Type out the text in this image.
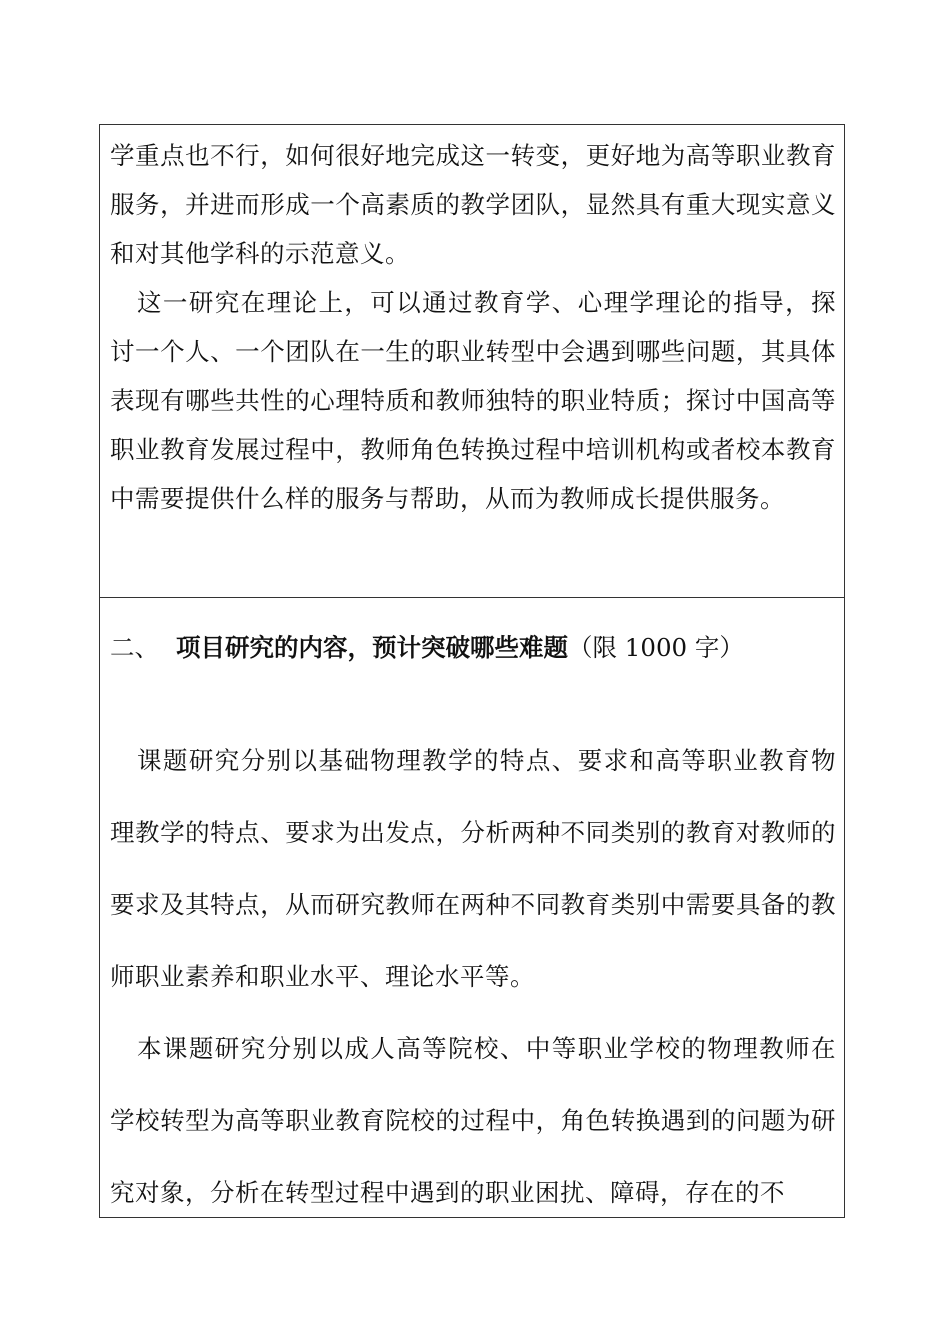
学重点也不行，如何很好地完成这一转变，更好地为高等职业教育服务，并进而形成一个高素质的教学团队，显然具有重大现实意义和对其他学科的示范意义。

这一研究在理论上，可以通过教育学、心理学理论的指导，探讨一个人、一个团队在一生的职业转型中会遇到哪些问题，其具体表现有哪些共性的心理特质和教师独特的职业特质；探讨中国高等职业教育发展过程中，教师角色转换过程中培训机构或者校本教育中需要提供什么样的服务与帮助，从而为教师成长提供服务。

二、 项目研究的内容，预计突破哪些难题（限 1000 字）

课题研究分别以基础物理教学的特点、要求和高等职业教育物理教学的特点、要求为出发点，分析两种不同类别的教育对教师的要求及其特点，从而研究教师在两种不同教育类别中需要具备的教师职业素养和职业水平、理论水平等。

本课题研究分别以成人高等院校、中等职业学校的物理教师在学校转型为高等职业教育院校的过程中，角色转换遇到的问题为研究对象，分析在转型过程中遇到的职业困扰、障碍，存在的不
